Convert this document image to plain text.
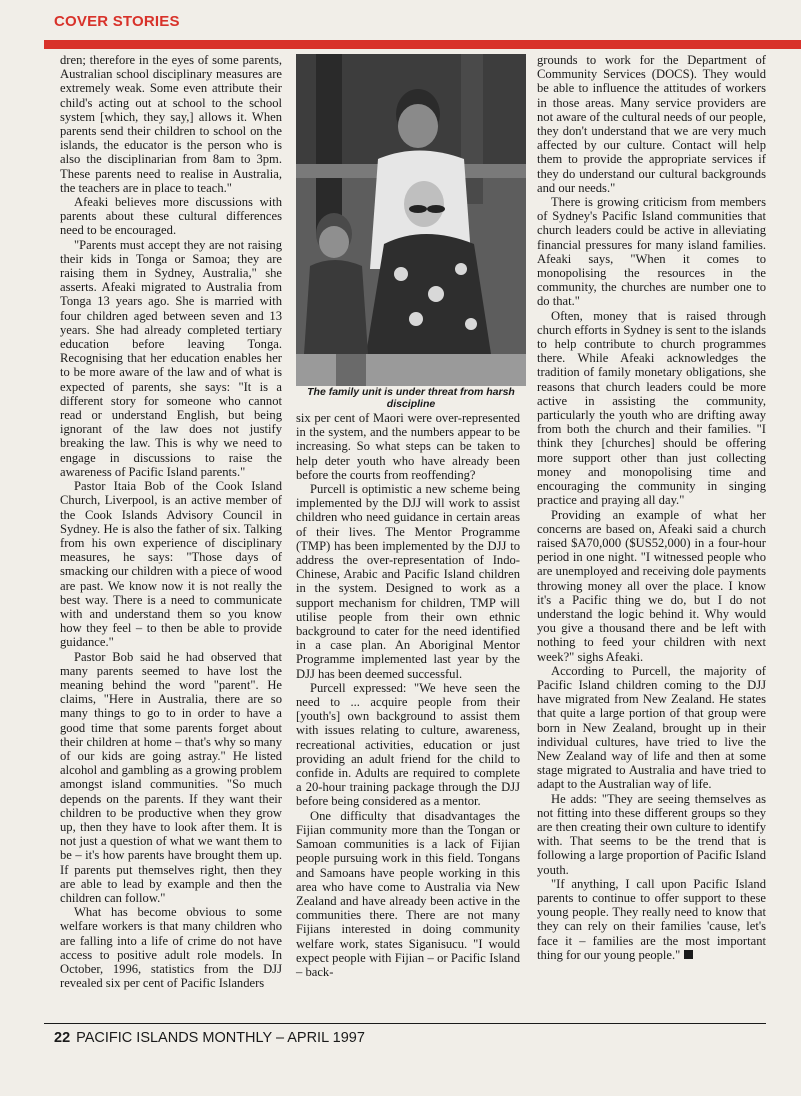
COVER STORIES

dren; therefore in the eyes of some parents, Australian school disciplinary measures are extremely weak. Some even attribute their child's acting out at school to the school system [which, they say,] allows it. When parents send their children to school on the islands, the educator is the person who is also the disciplinarian from 8am to 3pm. These parents need to realise in Australia, the teachers are in place to teach."

Afeaki believes more discussions with parents about these cultural differences need to be encouraged.

"Parents must accept they are not raising their kids in Tonga or Samoa; they are raising them in Sydney, Australia," she asserts. Afeaki migrated to Australia from Tonga 13 years ago. She is married with four children aged between seven and 13 years. She had already completed tertiary education before leaving Tonga. Recognising that her education enables her to be more aware of the law and of what is expected of parents, she says: "It is a different story for someone who cannot read or understand English, but being ignorant of the law does not justify breaking the law. This is why we need to engage in discussions to raise the awareness of Pacific Island parents."

Pastor Itaia Bob of the Cook Island Church, Liverpool, is an active member of the Cook Islands Advisory Council in Sydney. He is also the father of six. Talking from his own experience of disciplinary measures, he says: "Those days of smacking our children with a piece of wood are past. We know now it is not really the best way. There is a need to communicate with and understand them so you know how they feel – to then be able to provide guidance."

Pastor Bob said he had observed that many parents seemed to have lost the meaning behind the word "parent". He claims, "Here in Australia, there are so many things to go to in order to have a good time that some parents forget about their children at home – that's why so many of our kids are going astray." He listed alcohol and gambling as a growing problem amongst island communities. "So much depends on the parents. If they want their children to be productive when they grow up, then they have to look after them. It is not just a question of what we want them to be – it's how parents have brought them up. If parents put themselves right, then they are able to lead by example and then the children can follow."

What has become obvious to some welfare workers is that many children who are falling into a life of crime do not have access to positive adult role models. In October, 1996, statistics from the DJJ revealed six per cent of Pacific Islanders

The family unit is under threat from harsh discipline

six per cent of Maori were over-represented in the system, and the numbers appear to be increasing. So what steps can be taken to help deter youth who have already been before the courts from reoffending?

Purcell is optimistic a new scheme being implemented by the DJJ will work to assist children who need guidance in certain areas of their lives. The Mentor Programme (TMP) has been implemented by the DJJ to address the over-representation of Indo-Chinese, Arabic and Pacific Island children in the system. Designed to work as a support mechanism for children, TMP will utilise people from their own ethnic background to cater for the need identified in a case plan. An Aboriginal Mentor Programme implemented last year by the DJJ has been deemed successful.

Purcell expressed: "We heve seen the need to ... acquire people from their [youth's] own background to assist them with issues relating to culture, awareness, recreational activities, education or just providing an adult friend for the child to confide in. Adults are required to complete a 20-hour training package through the DJJ before being considered as a mentor.

One difficulty that disadvantages the Fijian community more than the Tongan or Samoan communities is a lack of Fijian people pursuing work in this field. Tongans and Samoans have people working in this area who have come to Australia via New Zealand and have already been active in the communities there. There are not many Fijians interested in doing community welfare work, states Siganisucu. "I would expect people with Fijian – or Pacific Island – back-

grounds to work for the Department of Community Services (DOCS). They would be able to influence the attitudes of workers in those areas. Many service providers are not aware of the cultural needs of our people, they don't understand that we are very much affected by our culture. Contact will help them to provide the appropriate services if they do understand our cultural backgrounds and our needs."

There is growing criticism from members of Sydney's Pacific Island communities that church leaders could be active in alleviating financial pressures for many island families. Afeaki says, "When it comes to monopolising the resources in the community, the churches are number one to do that."

Often, money that is raised through church efforts in Sydney is sent to the islands to help contribute to church programmes there. While Afeaki acknowledges the tradition of family monetary obligations, she reasons that church leaders could be more active in assisting the community, particularly the youth who are drifting away from both the church and their families. "I think they [churches] should be offering more support other than just collecting money and monopolising time and encouraging the community in singing practice and praying all day."

Providing an example of what her concerns are based on, Afeaki said a church raised $A70,000 ($US52,000) in a four-hour period in one night. "I witnessed people who are unemployed and receiving dole payments throwing money all over the place. I know it's a Pacific thing we do, but I do not understand the logic behind it. Why would you give a thousand there and be left with nothing to feed your children with next week?" sighs Afeaki.

According to Purcell, the majority of Pacific Island children coming to the DJJ have migrated from New Zealand. He states that quite a large portion of that group were born in New Zealand, brought up in their individual cultures, have tried to live the New Zealand way of life and then at some stage migrated to Australia and have tried to adapt to the Australian way of life.

He adds: "They are seeing themselves as not fitting into these different groups so they are then creating their own culture to identify with. That seems to be the trend that is following a large proportion of Pacific Island youth.

"If anything, I call upon Pacific Island parents to continue to offer support to these young people. They really need to know that they can rely on their families 'cause, let's face it – families are the most important thing for our young people."

22 PACIFIC ISLANDS MONTHLY – APRIL 1997
